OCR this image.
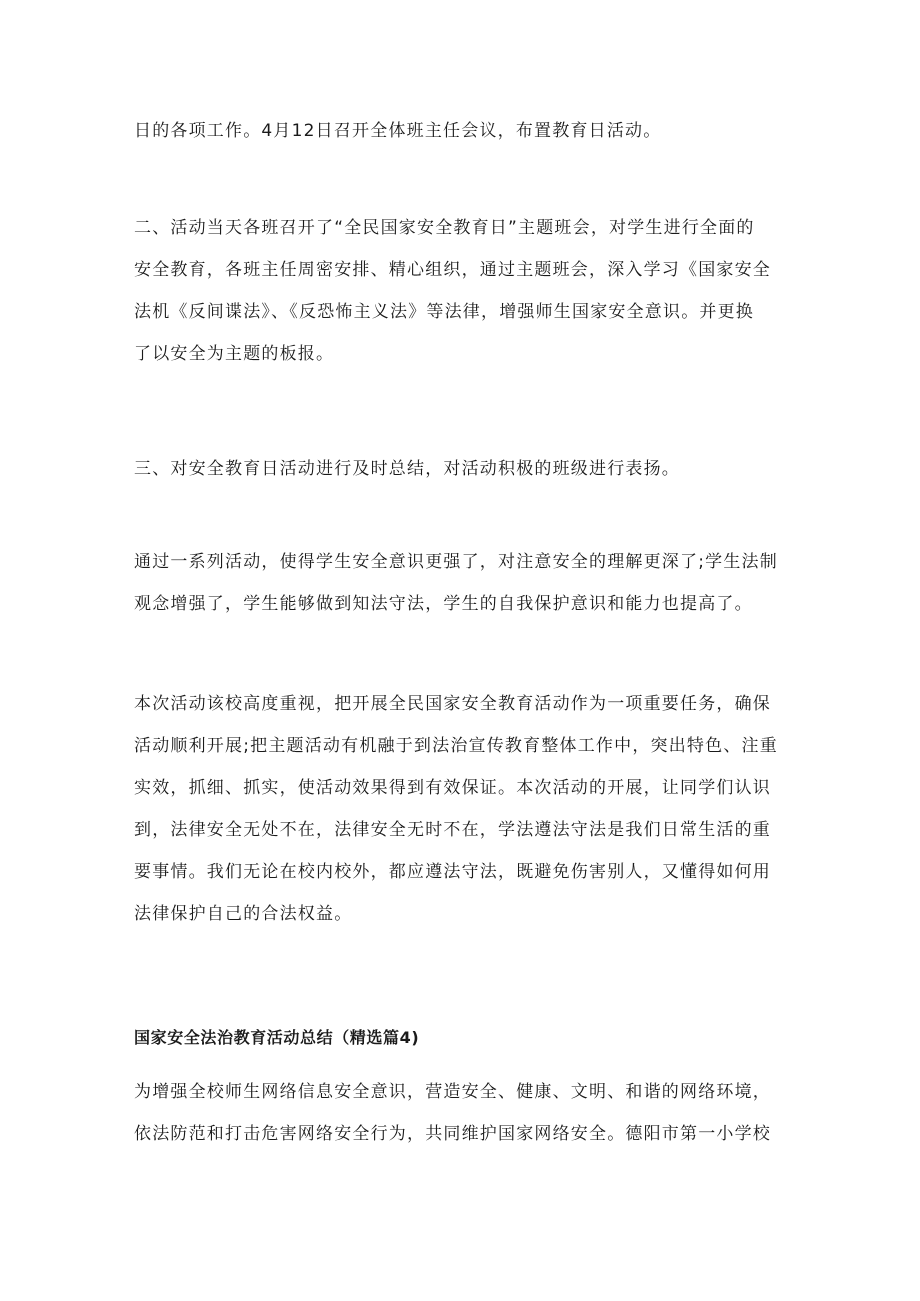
日的各项工作。4月12日召开全体班主任会议，布置教育日活动。

二、活动当天各班召开了“全民国家安全教育日”主题班会，对学生进行全面的
安全教育，各班主任周密安排、精心组织，通过主题班会，深入学习《国家安全
法机《反间谍法》、《反恐怖主义法》等法律，增强师生国家安全意识。并更换
了以安全为主题的板报。

三、对安全教育日活动进行及时总结，对活动积极的班级进行表扬。

通过一系列活动，使得学生安全意识更强了，对注意安全的理解更深了;学生法制
观念增强了，学生能够做到知法守法，学生的自我保护意识和能力也提高了。

本次活动该校高度重视，把开展全民国家安全教育活动作为一项重要任务，确保
活动顺利开展;把主题活动有机融于到法治宣传教育整体工作中，突出特色、注重
实效，抓细、抓实，使活动效果得到有效保证。本次活动的开展，让同学们认识
到，法律安全无处不在，法律安全无时不在，学法遵法守法是我们日常生活的重
要事情。我们无论在校内校外，都应遵法守法，既避免伤害别人，又懂得如何用
法律保护自己的合法权益。

国家安全法治教育活动总结（精选篇4)

为增强全校师生网络信息安全意识，营造安全、健康、文明、和谐的网络环境，
依法防范和打击危害网络安全行为，共同维护国家网络安全。德阳市第一小学校
